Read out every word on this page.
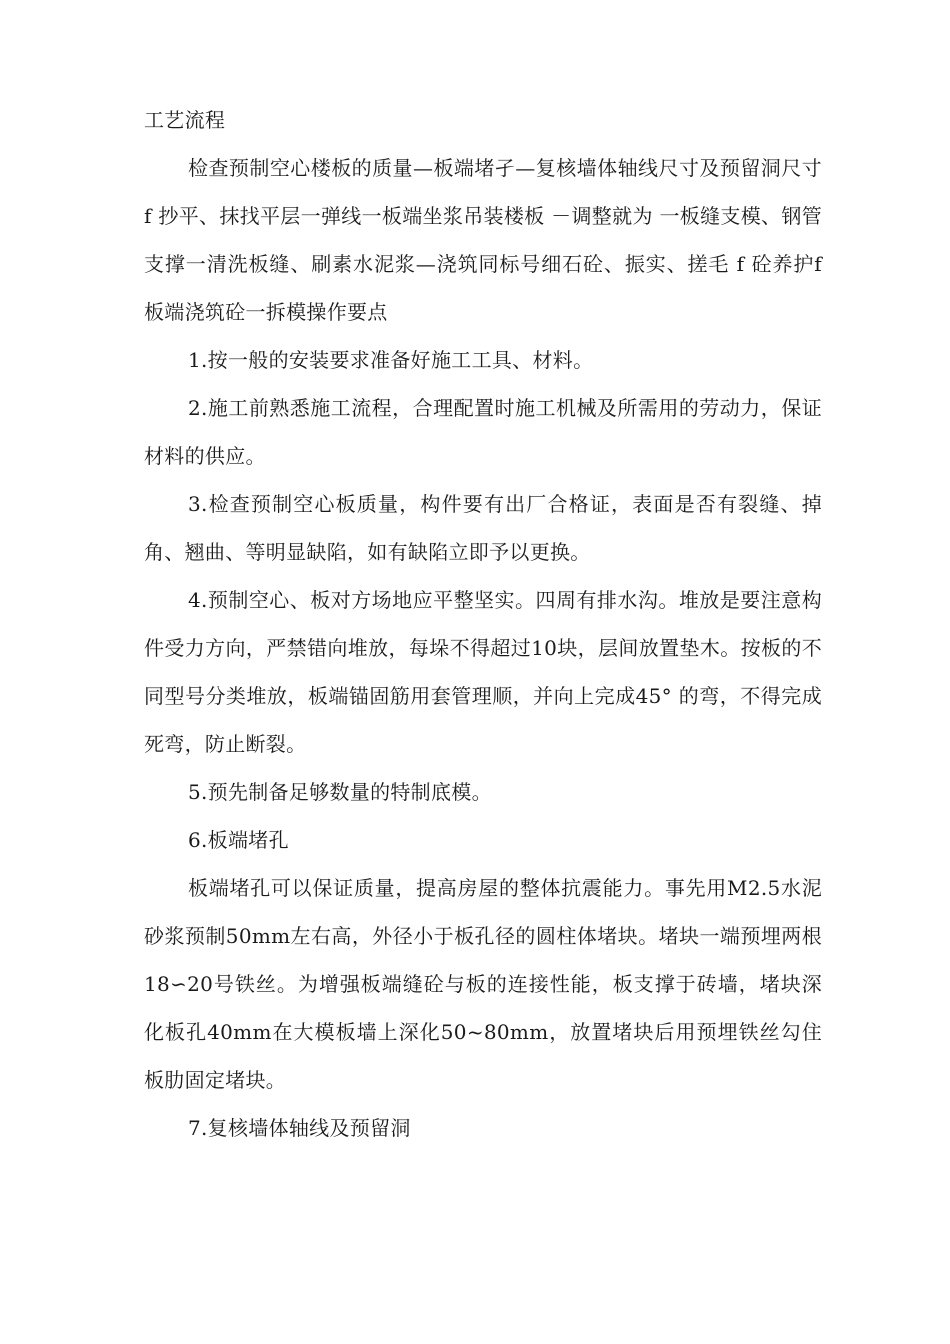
工艺流程

检查预制空心楼板的质量—板端堵孑—复核墙体轴线尺寸及预留洞尺寸f 抄平、抹找平层一弹线一板端坐浆吊装楼板 －调整就为 一板缝支模、钢管支撑一清洗板缝、刷素水泥浆—浇筑同标号细石砼、振实、搓毛 f 砼养护f板端浇筑砼一拆模操作要点

1.按一般的安装要求准备好施工工具、材料。

2.施工前熟悉施工流程，合理配置时施工机械及所需用的劳动力，保证材料的供应。

3.检查预制空心板质量，构件要有出厂合格证，表面是否有裂缝、掉角、翘曲、等明显缺陷，如有缺陷立即予以更换。

4.预制空心、板对方场地应平整坚实。四周有排水沟。堆放是要注意构件受力方向，严禁错向堆放，每垛不得超过10块，层间放置垫木。按板的不同型号分类堆放，板端锚固筋用套管理顺，并向上完成45° 的弯，不得完成死弯，防止断裂。

5.预先制备足够数量的特制底模。

6.板端堵孔

板端堵孔可以保证质量，提高房屋的整体抗震能力。事先用M2.5水泥砂浆预制50mm左右高，外径小于板孔径的圆柱体堵块。堵块一端预埋两根18∽20号铁丝。为增强板端缝砼与板的连接性能，板支撑于砖墙，堵块深化板孔40mm在大模板墙上深化50~80mm，放置堵块后用预埋铁丝勾住板肋固定堵块。

7.复核墙体轴线及预留洞
